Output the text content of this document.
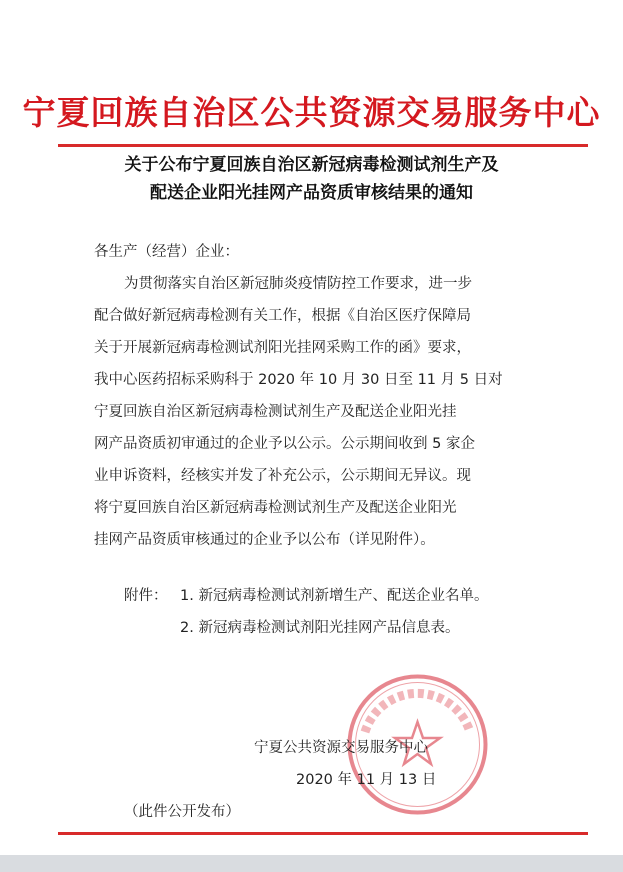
宁夏回族自治区公共资源交易服务中心
关于公布宁夏回族自治区新冠病毒检测试剂生产及
配送企业阳光挂网产品资质审核结果的通知

各生产（经营）企业：

为贯彻落实自治区新冠肺炎疫情防控工作要求，进一步

配合做好新冠病毒检测有关工作，根据《自治区医疗保障局

关于开展新冠病毒检测试剂阳光挂网采购工作的函》要求，

我中心医药招标采购科于 2020 年 10 月 30 日至 11 月 5 日对

宁夏回族自治区新冠病毒检测试剂生产及配送企业阳光挂

网产品资质初审通过的企业予以公示。公示期间收到 5 家企

业申诉资料，经核实并发了补充公示，公示期间无异议。现

将宁夏回族自治区新冠病毒检测试剂生产及配送企业阳光

挂网产品资质审核通过的企业予以公布（详见附件）。

附件： 1. 新冠病毒检测试剂新增生产、配送企业名单。

2. 新冠病毒检测试剂阳光挂网产品信息表。

宁夏公共资源交易服务中心

2020 年 11 月 13 日

（此件公开发布）
